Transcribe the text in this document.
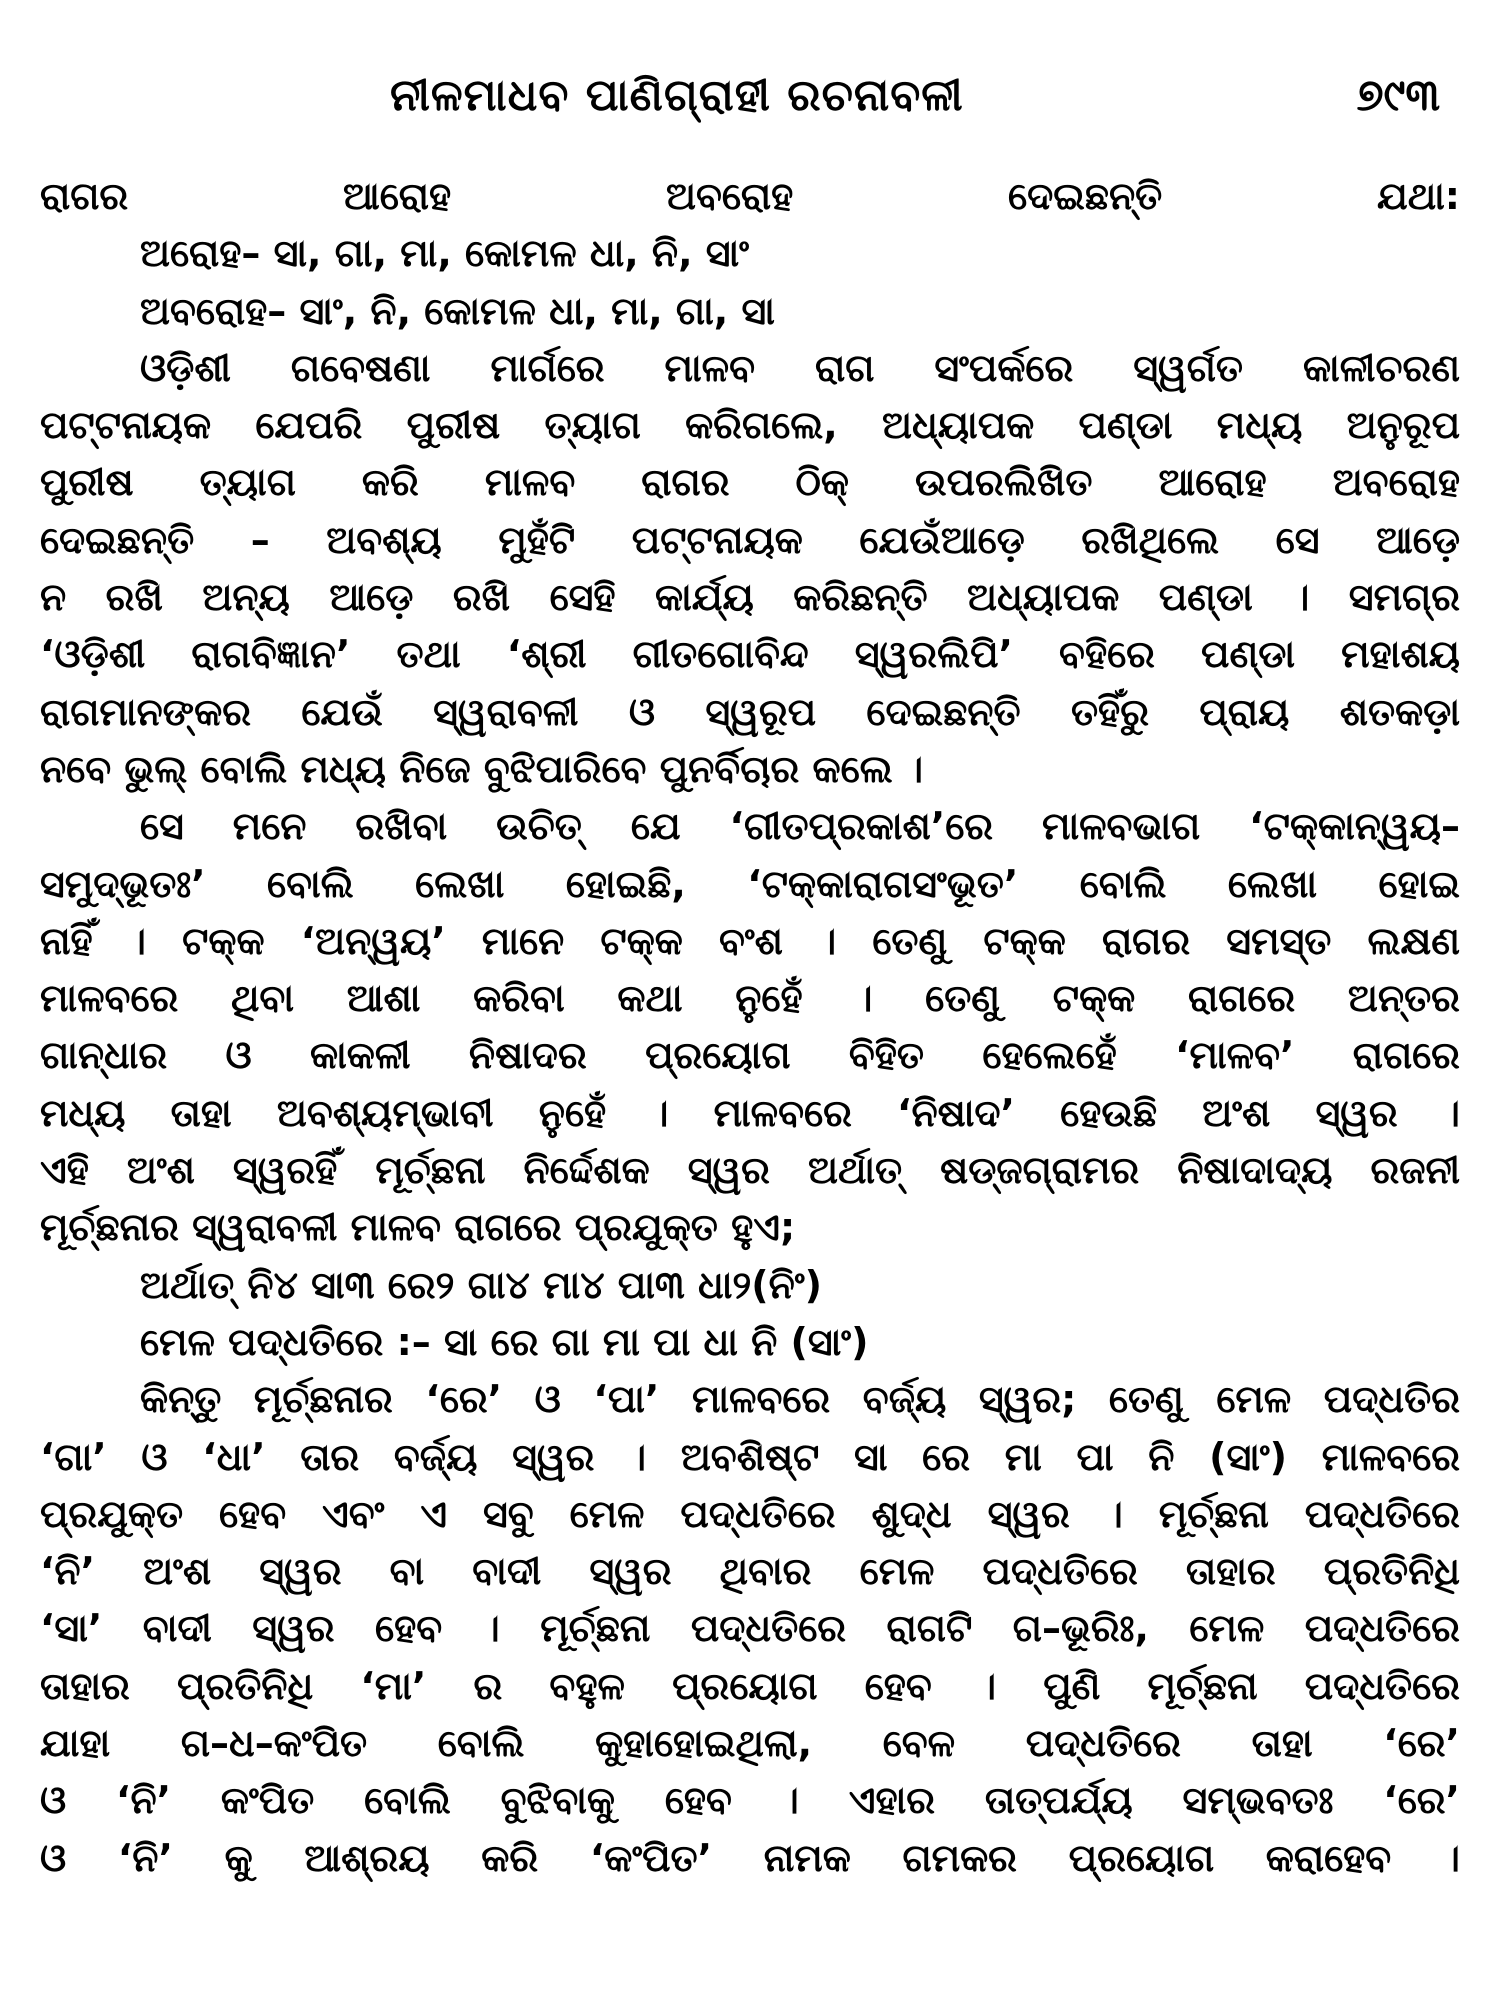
ନୀଳମାଧବ ପାଣିଗ୍ରାହୀ ରଚନାବଳୀ	୭୯୩
ରାଗର ଆରୋହ ଅବରୋହ ଦେଇଛନ୍ତି ଯଥା:
ଅରୋହ– ସା, ଗା, ମା, କୋମଳ ଧା, ନି, ସାଂ
ଅବରୋହ– ସାଂ, ନି, କୋମଳ ଧା, ମା, ଗା, ସା
ଓଡ଼ିଶୀ ଗବେଷଣା ମାର୍ଗରେ ମାଳବ ରାଗ ସଂପର୍କରେ ସ୍ୱର୍ଗତ କାଳୀଚରଣ
ପଟ୍ଟନାୟକ ଯେପରି ପୁରୀଷ ତ୍ୟାଗ କରିଗଲେ, ଅଧ୍ୟାପକ ପଣ୍ଡା ମଧ୍ୟ ଅନୁରୂପ
ପୁରୀଷ ତ୍ୟାଗ କରି ମାଳବ ରାଗର ଠିକ୍ ଉପରଲିଖିତ ଆରୋହ ଅବରୋହ
ଦେଇଛନ୍ତି – ଅବଶ୍ୟ ମୁହଁଟି ପଟ୍ଟନାୟକ ଯେଉଁଆଡ଼େ ରଖିଥିଲେ ସେ ଆଡ଼େ
ନ ରଖି ଅନ୍ୟ ଆଡ଼େ ରଖି ସେହି କାର୍ଯ୍ୟ କରିଛନ୍ତି ଅଧ୍ୟାପକ ପଣ୍ଡା । ସମଗ୍ର
‘ଓଡ଼ିଶୀ ରାଗବିଜ୍ଞାନ’ ତଥା ‘ଶ୍ରୀ ଗୀତଗୋବିନ୍ଦ ସ୍ୱରଲିପି’ ବହିରେ ପଣ୍ଡା ମହାଶୟ
ରାଗମାନଙ୍କର ଯେଉଁ ସ୍ୱରାବଳୀ ଓ ସ୍ୱରୂପ ଦେଇଛନ୍ତି ତହିଁରୁ ପ୍ରାୟ ଶତକଡ଼ା
ନବେ ଭୁଲ୍ ବୋଲି ମଧ୍ୟ ନିଜେ ବୁଝିପାରିବେ ପୁନର୍ବିଚାର କଲେ ।
ସେ ମନେ ରଖିବା ଉଚିତ୍ ଯେ ‘ଗୀତପ୍ରକାଶ’ରେ ମାଳବଭାଗ ‘ଟକ୍କାନ୍ୱୟ–
ସମୁଦ୍‌ଭୂତଃ’ ବୋଲି ଲେଖା ହୋଇଛି, ‘ଟକ୍କାରାଗସଂଭୂତ’ ବୋଲି ଲେଖା ହୋଇ
ନାହିଁ । ଟକ୍କ ‘ଅନ୍ୱୟ’ ମାନେ ଟକ୍କ ବଂଶ । ତେଣୁ ଟକ୍କ ରାଗର ସମସ୍ତ ଲକ୍ଷଣ
ମାଳବରେ ଥିବା ଆଶା କରିବା କଥା ନୁହେଁ । ତେଣୁ ଟକ୍କ ରାଗରେ ଅନ୍ତର
ଗାନ୍ଧାର ଓ କାକଳୀ ନିଷାଦର ପ୍ରୟୋଗ ବିହିତ ହେଲେହେଁ ‘ମାଳବ’ ରାଗରେ
ମଧ୍ୟ ତାହା ଅବଶ୍ୟମ୍ଭାବୀ ନୁହେଁ । ମାଳବରେ ‘ନିଷାଦ’ ହେଉଛି ଅଂଶ ସ୍ୱର ।
ଏହି ଅଂଶ ସ୍ୱରହିଁ ମୂର୍ଚ୍ଛନା ନିର୍ଦ୍ଦେଶକ ସ୍ୱର ଅର୍ଥାତ୍ ଷଡ୍‌ଜଗ୍ରାମର ନିଷାଦାଦ୍ୟ ରଜନୀ
ମୂର୍ଚ୍ଛନାର ସ୍ୱରାବଳୀ ମାଳବ ରାଗରେ ପ୍ରଯୁକ୍ତ ହୁଏ;
ଅର୍ଥାତ୍ ନି୪ ସା୩ ରେ୨ ଗା୪ ମା୪ ପା୩ ଧା୨(ନିଂ)
ମେଳ ପଦ୍ଧତିରେ :– ସା ରେ ଗା ମା ପା ଧା ନି (ସାଂ)
କିନ୍ତୁ ମୂର୍ଚ୍ଛନାର ‘ରେ’ ଓ ‘ପା’ ମାଳବରେ ବର୍ଜ୍ୟ ସ୍ୱର; ତେଣୁ ମେଳ ପଦ୍ଧତିର
‘ଗା’ ଓ ‘ଧା’ ତାର ବର୍ଜ୍ୟ ସ୍ୱର । ଅବଶିଷ୍ଟ ସା ରେ ମା ପା ନି (ସାଂ) ମାଳବରେ
ପ୍ରଯୁକ୍ତ ହେବ ଏବଂ ଏ ସବୁ ମେଳ ପଦ୍ଧତିରେ ଶୁଦ୍ଧ ସ୍ୱର । ମୂର୍ଚ୍ଛନା ପଦ୍ଧତିରେ
‘ନି’ ଅଂଶ ସ୍ୱର ବା ବାଦୀ ସ୍ୱର ଥିବାର ମେଳ ପଦ୍ଧତିରେ ତାହାର ପ୍ରତିନିଧି
‘ସା’ ବାଦୀ ସ୍ୱର ହେବ । ମୂର୍ଚ୍ଛନା ପଦ୍ଧତିରେ ରାଗଟି ଗ–ଭୂରିଃ, ମେଳ ପଦ୍ଧତିରେ
ତାହାର ପ୍ରତିନିଧି ‘ମା’ ର ବହୁଳ ପ୍ରୟୋଗ ହେବ । ପୁଣି ମୂର୍ଚ୍ଛନା ପଦ୍ଧତିରେ
ଯାହା ଗ–ଧ–କଂପିତ ବୋଲି କୁହାହୋଇଥିଲା, ବେଳ ପଦ୍ଧତିରେ ତାହା ‘ରେ’
ଓ ‘ନି’ କଂପିତ ବୋଲି ବୁଝିବାକୁ ହେବ । ଏହାର ତାତ୍ପର୍ଯ୍ୟ ସମ୍ଭବତଃ ‘ରେ’
ଓ ‘ନି’ କୁ ଆଶ୍ରୟ କରି ‘କଂପିତ’ ନାମକ ଗମକର ପ୍ରୟୋଗ କରାହେବ ।
